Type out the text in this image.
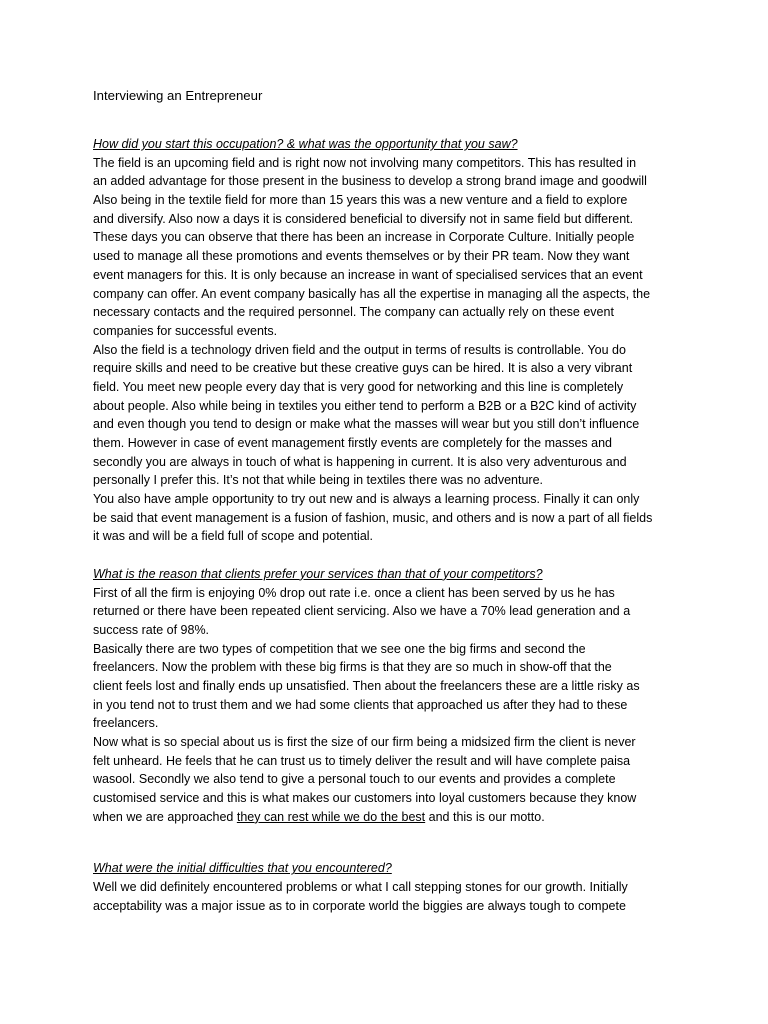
Interviewing an Entrepreneur
How did you start this occupation? & what was the opportunity that you saw?
The field is an upcoming field and is right now not involving many competitors. This has resulted in
an added advantage for those present in the business to develop a strong brand image and goodwill
Also being in the textile field for more than 15 years this was a new venture and a field to explore
and diversify. Also now a days it is considered beneficial to diversify not in same field but different.
These days you can observe that there has been an increase in Corporate Culture. Initially people
used to manage all these promotions and events themselves or by their PR team. Now they want
event managers for this. It is only because an increase in want of specialised services that an event
company can offer. An event company basically has all the expertise in managing all the aspects, the
necessary contacts and the required personnel. The company can actually rely on these event
companies for successful events.
Also the field is a technology driven field and the output in terms of results is controllable. You do
require skills and need to be creative but these creative guys can be hired. It is also a very vibrant
field. You meet new people every day that is very good for networking and this line is completely
about people. Also while being in textiles you either tend to perform a B2B or a B2C kind of activity
and even though you tend to design or make what the masses will wear but you still don’t influence
them. However in case of event management firstly events are completely for the masses and
secondly you are always in touch of what is happening in current. It is also very adventurous and
personally I prefer this. It’s not that while being in textiles there was no adventure.
You also have ample opportunity to try out new and is always a learning process. Finally it can only
be said that event management is a fusion of fashion, music, and others and is now a part of all fields
it was and will be a field full of scope and potential.
What is the reason that clients prefer your services than that of your competitors?
First of all the firm is enjoying 0% drop out rate i.e. once a client has been served by us he has
returned or there have been repeated client servicing. Also we have a 70% lead generation and a
success rate of 98%.
Basically there are two types of competition that we see one the big firms and second the
freelancers. Now the problem with these big firms is that they are so much in show-off that the
client feels lost and finally ends up unsatisfied. Then about the freelancers these are a little risky as
in you tend not to trust them and we had some clients that approached us after they had to these
freelancers.
Now what is so special about us is first the size of our firm being a midsized firm the client is never
felt unheard. He feels that he can trust us to timely deliver the result and will have complete paisa
wasool. Secondly we also tend to give a personal touch to our events and provides a complete
customised service and this is what makes our customers into loyal customers because they know
when we are approached they can rest while we do the best and this is our motto.
What were the initial difficulties that you encountered?
Well we did definitely encountered problems or what I call stepping stones for our growth. Initially
acceptability was a major issue as to in corporate world the biggies are always tough to compete
